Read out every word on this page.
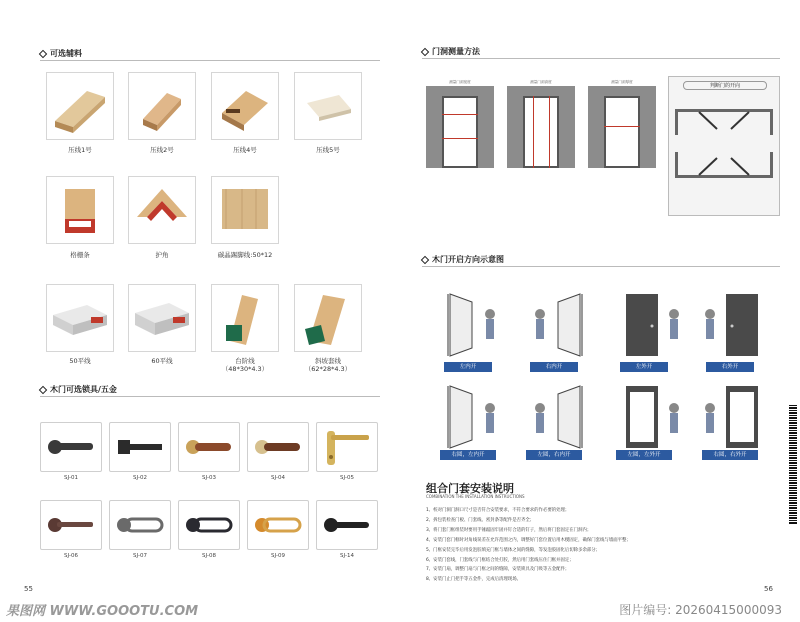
可选辅料
压线1号	压线2号	压线4号	压线5号
格栅条	护角	碳晶踢脚线:50*12
50平线	60平线	台阶线
（48*30*4.3）
斜坡套线
（62*28*4.3）
木门可选锁具/五金
SJ-01	SJ-02	SJ-03	SJ-04	SJ-05
SJ-06	SJ-07	SJ-08	SJ-09	SJ-14
55
门洞测量方法
测量门洞宽度	测量门洞高度	测量门洞厚度
判断门的开向
木门开启方向示意图
左内开	右内开	左外开	右外开
右圆，左内开	左圆，右内开	左圆，左外开	右圆，右外开
组合门套安装说明
COMBINATION THE INSTALLATION INSTRUCTIONS
1、校对门洞门洞口尺寸是否符合安装要求，不符合要求的作必要的处理；
2、拆包装检查门板、门套线、密封条等配件是否齐全；
3、将门套门框组装时要用手锤敲固牢固并钉合适的钉子，然后将门套固定在门洞内；
4、安装门套门框时对角线误差在允许范围之内，调整好门套位置后用木楔固定，确保门套线与墙面平整；
5、门框安装完毕后用发泡胶填充门框与墙体之间的缝隙，等发泡胶固化后切除多余部分；
6、安装门套线，门套线与门框结合处打胶，然后用门套线压住门框并固定；
7、安装门扇，调整门扇与门框之间的缝隙，安装锁具及门吸等五金配件；
8、安装门止门把手等五金件，完成后清理现场。
56
果图网 WWW.GOOOTU.COM	图片编号: 20260415000093
